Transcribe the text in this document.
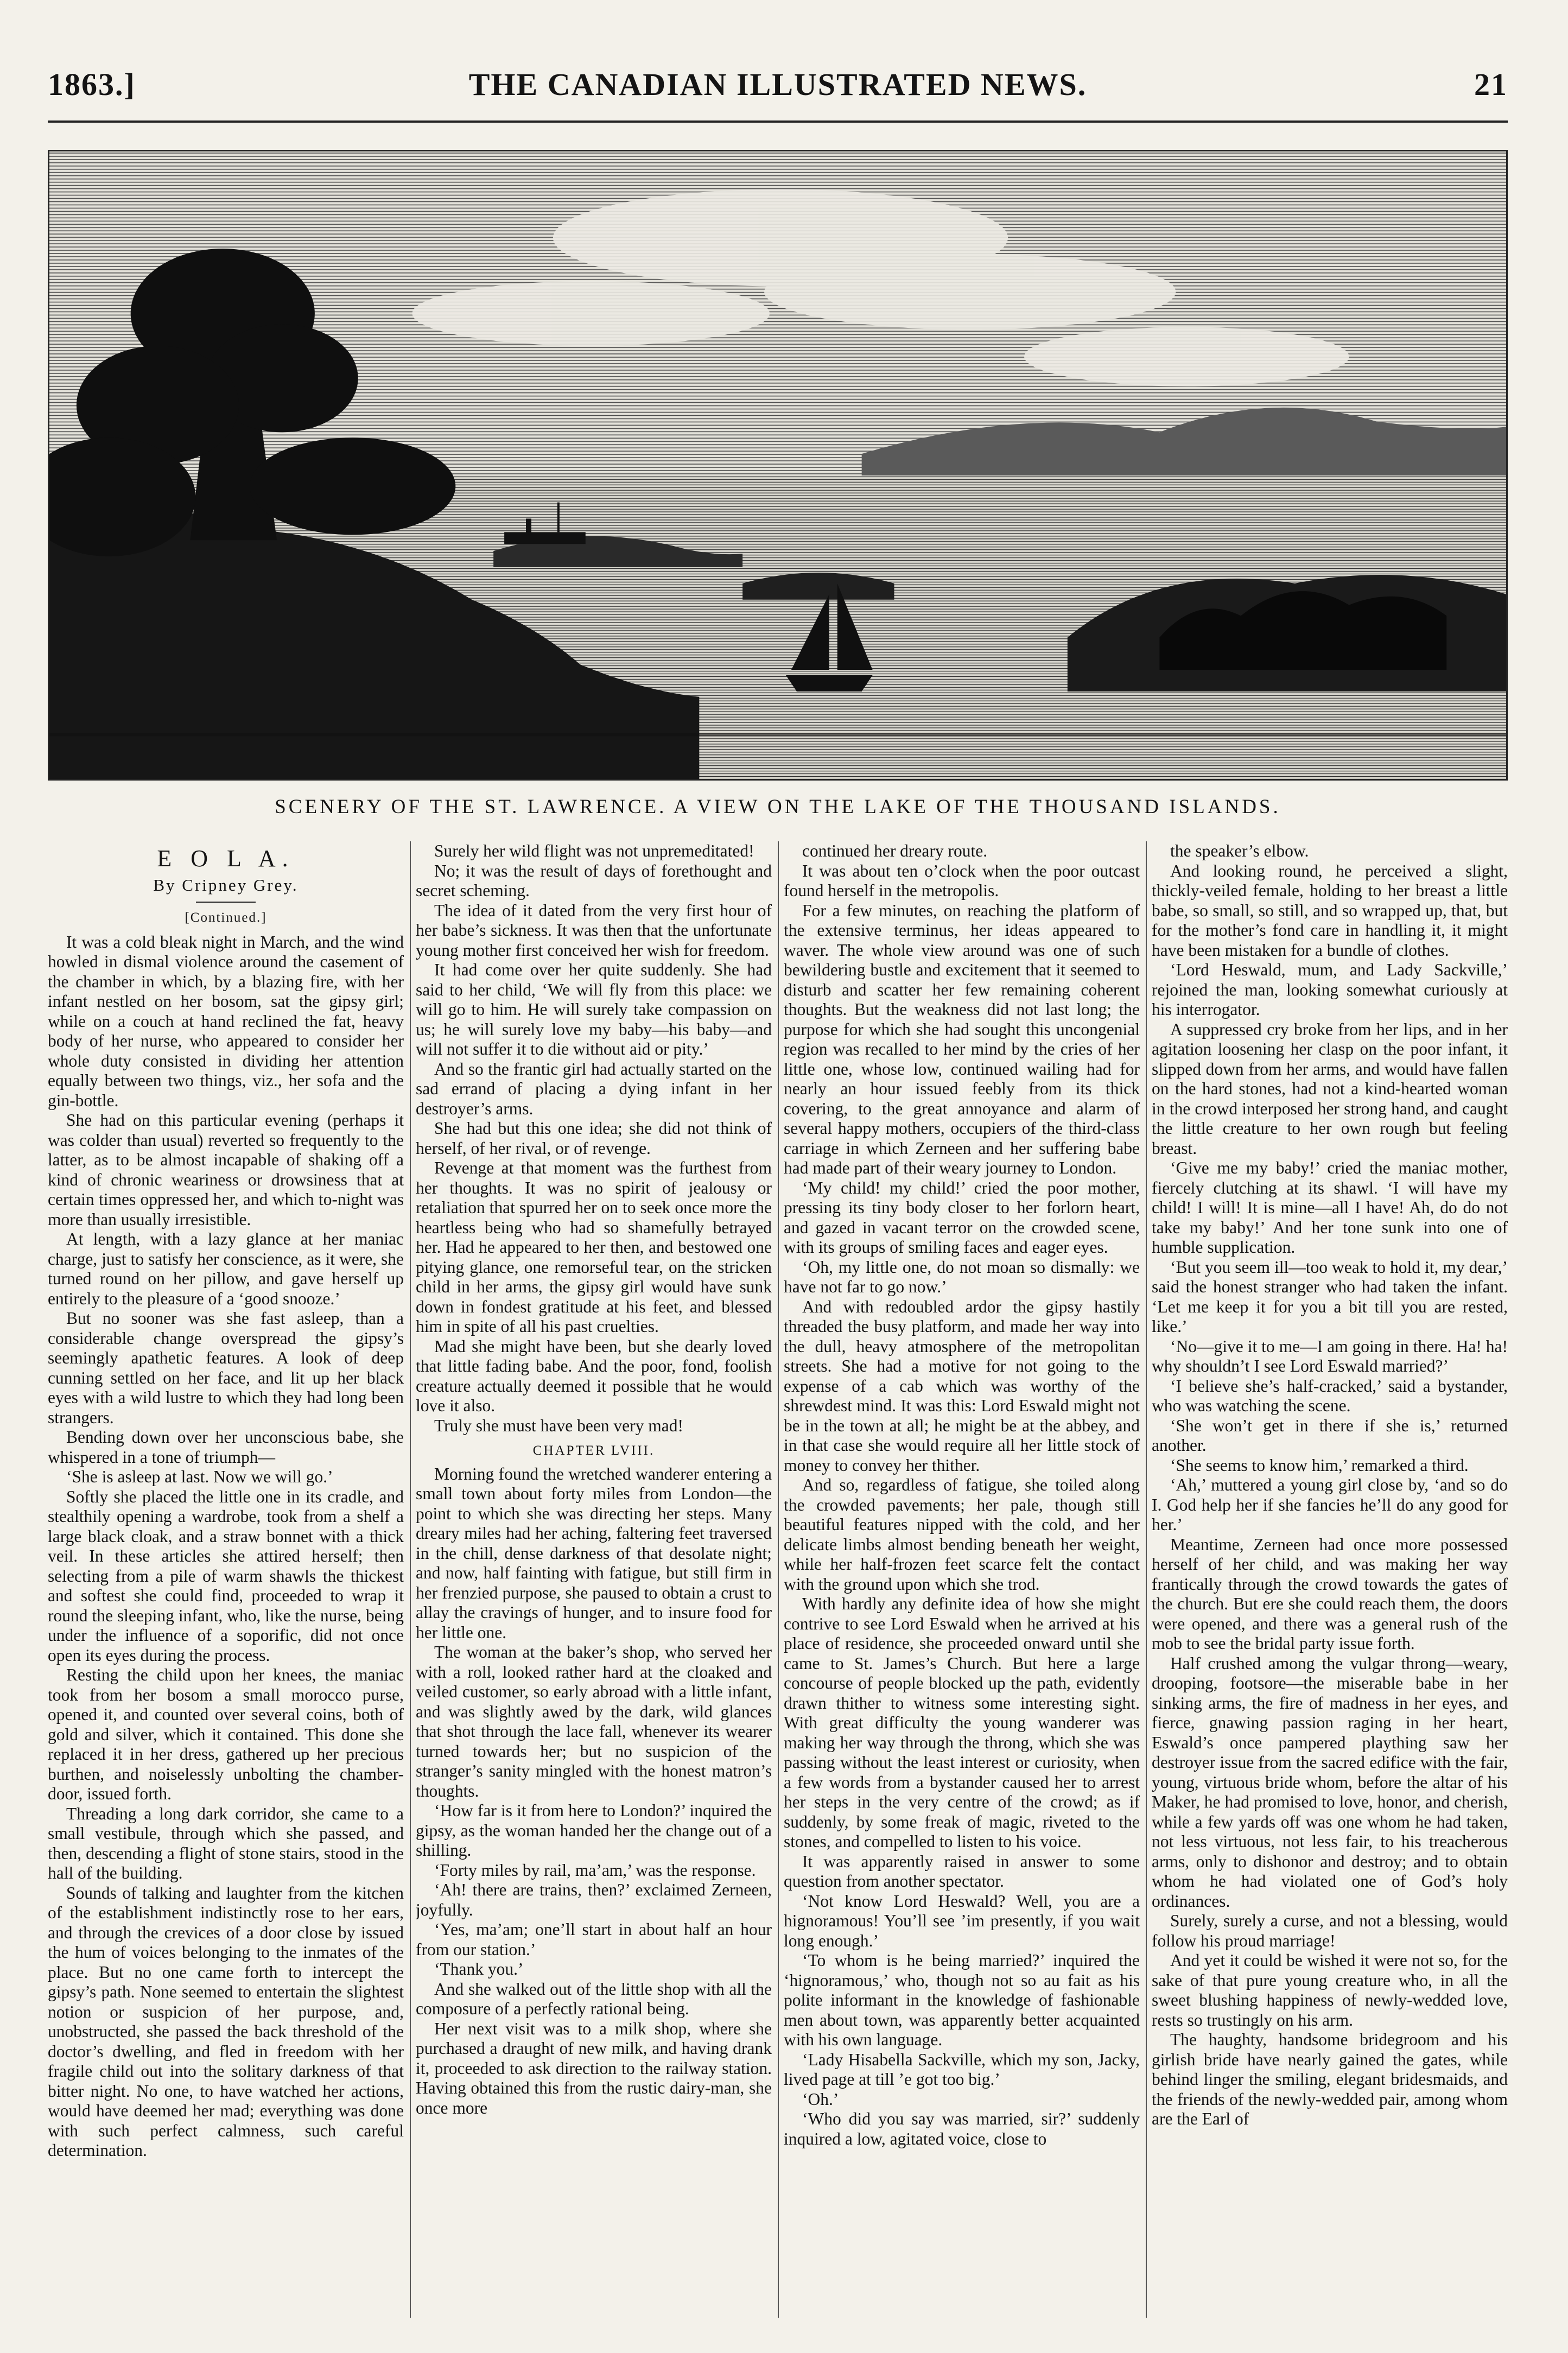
1863.]	THE CANADIAN ILLUSTRATED NEWS.	21
SCENERY OF THE ST. LAWRENCE. A VIEW ON THE LAKE OF THE THOUSAND ISLANDS.
E O L A.
By Cripney Grey.
[Continued.]

It was a cold bleak night in March, and the wind howled in dismal violence around the casement of the chamber in which, by a blazing fire, with her infant nestled on her bosom, sat the gipsy girl; while on a couch at hand reclined the fat, heavy body of her nurse, who appeared to consider her whole duty consisted in dividing her attention equally between two things, viz., her sofa and the gin-bottle.

She had on this particular evening (perhaps it was colder than usual) reverted so frequently to the latter, as to be almost incapable of shaking off a kind of chronic weariness or drowsiness that at certain times oppressed her, and which to-night was more than usually irresistible.

At length, with a lazy glance at her maniac charge, just to satisfy her conscience, as it were, she turned round on her pillow, and gave herself up entirely to the pleasure of a ‘good snooze.’

But no sooner was she fast asleep, than a considerable change overspread the gipsy’s seemingly apathetic features. A look of deep cunning settled on her face, and lit up her black eyes with a wild lustre to which they had long been strangers.

Bending down over her unconscious babe, she whispered in a tone of triumph—

‘She is asleep at last. Now we will go.’

Softly she placed the little one in its cradle, and stealthily opening a wardrobe, took from a shelf a large black cloak, and a straw bonnet with a thick veil. In these articles she attired herself; then selecting from a pile of warm shawls the thickest and softest she could find, proceeded to wrap it round the sleeping infant, who, like the nurse, being under the influence of a soporific, did not once open its eyes during the process.

Resting the child upon her knees, the maniac took from her bosom a small morocco purse, opened it, and counted over several coins, both of gold and silver, which it contained. This done she replaced it in her dress, gathered up her precious burthen, and noiselessly unbolting the chamber-door, issued forth.

Threading a long dark corridor, she came to a small vestibule, through which she passed, and then, descending a flight of stone stairs, stood in the hall of the building.

Sounds of talking and laughter from the kitchen of the establishment indistinctly rose to her ears, and through the crevices of a door close by issued the hum of voices belonging to the inmates of the place. But no one came forth to intercept the gipsy’s path. None seemed to entertain the slightest notion or suspicion of her purpose, and, unobstructed, she passed the back threshold of the doctor’s dwelling, and fled in freedom with her fragile child out into the solitary darkness of that bitter night. No one, to have watched her actions, would have deemed her mad; everything was done with such perfect calmness, such careful determination.

Surely her wild flight was not unpremeditated!

No; it was the result of days of forethought and secret scheming.

The idea of it dated from the very first hour of her babe’s sickness. It was then that the unfortunate young mother first conceived her wish for freedom.

It had come over her quite suddenly. She had said to her child, ‘We will fly from this place: we will go to him. He will surely take compassion on us; he will surely love my baby—his baby—and will not suffer it to die without aid or pity.’

And so the frantic girl had actually started on the sad errand of placing a dying infant in her destroyer’s arms.

She had but this one idea; she did not think of herself, of her rival, or of revenge.

Revenge at that moment was the furthest from her thoughts. It was no spirit of jealousy or retaliation that spurred her on to seek once more the heartless being who had so shamefully betrayed her. Had he appeared to her then, and bestowed one pitying glance, one remorseful tear, on the stricken child in her arms, the gipsy girl would have sunk down in fondest gratitude at his feet, and blessed him in spite of all his past cruelties.

Mad she might have been, but she dearly loved that little fading babe. And the poor, fond, foolish creature actually deemed it possible that he would love it also.

Truly she must have been very mad!

CHAPTER LVIII.

Morning found the wretched wanderer entering a small town about forty miles from London—the point to which she was directing her steps. Many dreary miles had her aching, faltering feet traversed in the chill, dense darkness of that desolate night; and now, half fainting with fatigue, but still firm in her frenzied purpose, she paused to obtain a crust to allay the cravings of hunger, and to insure food for her little one.

The woman at the baker’s shop, who served her with a roll, looked rather hard at the cloaked and veiled customer, so early abroad with a little infant, and was slightly awed by the dark, wild glances that shot through the lace fall, whenever its wearer turned towards her; but no suspicion of the stranger’s sanity mingled with the honest matron’s thoughts.

‘How far is it from here to London?’ inquired the gipsy, as the woman handed her the change out of a shilling.

‘Forty miles by rail, ma’am,’ was the response.

‘Ah! there are trains, then?’ exclaimed Zerneen, joyfully.

‘Yes, ma’am; one’ll start in about half an hour from our station.’

‘Thank you.’

And she walked out of the little shop with all the composure of a perfectly rational being.

Her next visit was to a milk shop, where she purchased a draught of new milk, and having drank it, proceeded to ask direction to the railway station. Having obtained this from the rustic dairy-man, she once more

continued her dreary route.

It was about ten o’clock when the poor outcast found herself in the metropolis.

For a few minutes, on reaching the platform of the extensive terminus, her ideas appeared to waver. The whole view around was one of such bewildering bustle and excitement that it seemed to disturb and scatter her few remaining coherent thoughts. But the weakness did not last long; the purpose for which she had sought this uncongenial region was recalled to her mind by the cries of her little one, whose low, continued wailing had for nearly an hour issued feebly from its thick covering, to the great annoyance and alarm of several happy mothers, occupiers of the third-class carriage in which Zerneen and her suffering babe had made part of their weary journey to London.

‘My child! my child!’ cried the poor mother, pressing its tiny body closer to her forlorn heart, and gazed in vacant terror on the crowded scene, with its groups of smiling faces and eager eyes.

‘Oh, my little one, do not moan so dismally: we have not far to go now.’

And with redoubled ardor the gipsy hastily threaded the busy platform, and made her way into the dull, heavy atmosphere of the metropolitan streets. She had a motive for not going to the expense of a cab which was worthy of the shrewdest mind. It was this: Lord Eswald might not be in the town at all; he might be at the abbey, and in that case she would require all her little stock of money to convey her thither.

And so, regardless of fatigue, she toiled along the crowded pavements; her pale, though still beautiful features nipped with the cold, and her delicate limbs almost bending beneath her weight, while her half-frozen feet scarce felt the contact with the ground upon which she trod.

With hardly any definite idea of how she might contrive to see Lord Eswald when he arrived at his place of residence, she proceeded onward until she came to St. James’s Church. But here a large concourse of people blocked up the path, evidently drawn thither to witness some interesting sight. With great difficulty the young wanderer was making her way through the throng, which she was passing without the least interest or curiosity, when a few words from a bystander caused her to arrest her steps in the very centre of the crowd; as if suddenly, by some freak of magic, riveted to the stones, and compelled to listen to his voice.

It was apparently raised in answer to some question from another spectator.

‘Not know Lord Heswald? Well, you are a hignoramous! You’ll see ’im presently, if you wait long enough.’

‘To whom is he being married?’ inquired the ‘hignoramous,’ who, though not so au fait as his polite informant in the knowledge of fashionable men about town, was apparently better acquainted with his own language.

‘Lady Hisabella Sackville, which my son, Jacky, lived page at till ’e got too big.’

‘Oh.’

‘Who did you say was married, sir?’ suddenly inquired a low, agitated voice, close to

the speaker’s elbow.

And looking round, he perceived a slight, thickly-veiled female, holding to her breast a little babe, so small, so still, and so wrapped up, that, but for the mother’s fond care in handling it, it might have been mistaken for a bundle of clothes.

‘Lord Heswald, mum, and Lady Sackville,’ rejoined the man, looking somewhat curiously at his interrogator.

A suppressed cry broke from her lips, and in her agitation loosening her clasp on the poor infant, it slipped down from her arms, and would have fallen on the hard stones, had not a kind-hearted woman in the crowd interposed her strong hand, and caught the little creature to her own rough but feeling breast.

‘Give me my baby!’ cried the maniac mother, fiercely clutching at its shawl. ‘I will have my child! I will! It is mine—all I have! Ah, do do not take my baby!’ And her tone sunk into one of humble supplication.

‘But you seem ill—too weak to hold it, my dear,’ said the honest stranger who had taken the infant. ‘Let me keep it for you a bit till you are rested, like.’

‘No—give it to me—I am going in there. Ha! ha! why shouldn’t I see Lord Eswald married?’

‘I believe she’s half-cracked,’ said a bystander, who was watching the scene.

‘She won’t get in there if she is,’ returned another.

‘She seems to know him,’ remarked a third.

‘Ah,’ muttered a young girl close by, ‘and so do I. God help her if she fancies he’ll do any good for her.’

Meantime, Zerneen had once more possessed herself of her child, and was making her way frantically through the crowd towards the gates of the church. But ere she could reach them, the doors were opened, and there was a general rush of the mob to see the bridal party issue forth.

Half crushed among the vulgar throng—weary, drooping, footsore—the miserable babe in her sinking arms, the fire of madness in her eyes, and fierce, gnawing passion raging in her heart, Eswald’s once pampered plaything saw her destroyer issue from the sacred edifice with the fair, young, virtuous bride whom, before the altar of his Maker, he had promised to love, honor, and cherish, while a few yards off was one whom he had taken, not less virtuous, not less fair, to his treacherous arms, only to dishonor and destroy; and to obtain whom he had violated one of God’s holy ordinances.

Surely, surely a curse, and not a blessing, would follow his proud marriage!

And yet it could be wished it were not so, for the sake of that pure young creature who, in all the sweet blushing happiness of newly-wedded love, rests so trustingly on his arm.

The haughty, handsome bridegroom and his girlish bride have nearly gained the gates, while behind linger the smiling, elegant bridesmaids, and the friends of the newly-wedded pair, among whom are the Earl of
